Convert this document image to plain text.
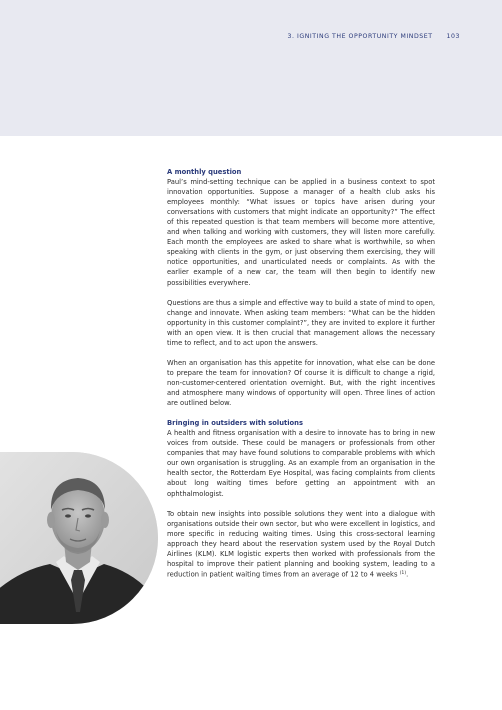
3. IGNITING THE OPPORTUNITY MINDSET 103
A monthly question

Paul’s mind-setting technique can be applied in a business context to spot innovation opportunities. Suppose a manager of a health club asks his employees monthly: “What issues or topics have arisen during your conversations with customers that might indicate an opportunity?” The effect of this repeated question is that team members will become more attentive, and when talking and working with customers, they will listen more carefully. Each month the employees are asked to share what is worthwhile, so when speaking with clients in the gym, or just observing them exercising, they will notice opportunities, and unarticulated needs or complaints. As with the earlier example of a new car, the team will then begin to identify new possibilities everywhere.

Questions are thus a simple and effective way to build a state of mind to open, change and innovate. When asking team members: “What can be the hidden opportunity in this customer complaint?”, they are invited to explore it further with an open view. It is then crucial that management allows the necessary time to reflect, and to act upon the answers.

When an organisation has this appetite for innovation, what else can be done to prepare the team for innovation? Of course it is difficult to change a rigid, non-customer-centered orientation overnight. But, with the right incentives and atmosphere many windows of opportunity will open. Three lines of action are outlined below.

Bringing in outsiders with solutions

A health and fitness organisation with a desire to innovate has to bring in new voices from outside. These could be managers or professionals from other companies that may have found solutions to comparable problems with which our own organisation is struggling. As an example from an organisation in the health sector, the Rotterdam Eye Hospital, was facing complaints from clients about long waiting times before getting an appointment with an ophthalmologist.

To obtain new insights into possible solutions they went into a dialogue with organisations outside their own sector, but who were excellent in logistics, and more specific in reducing waiting times. Using this cross-sectoral learning approach they heard about the reservation system used by the Royal Dutch Airlines (KLM). KLM logistic experts then worked with professionals from the hospital to improve their patient planning and booking system, leading to a reduction in patient waiting times from an average of 12 to 4 weeks $^{(1)}$.
